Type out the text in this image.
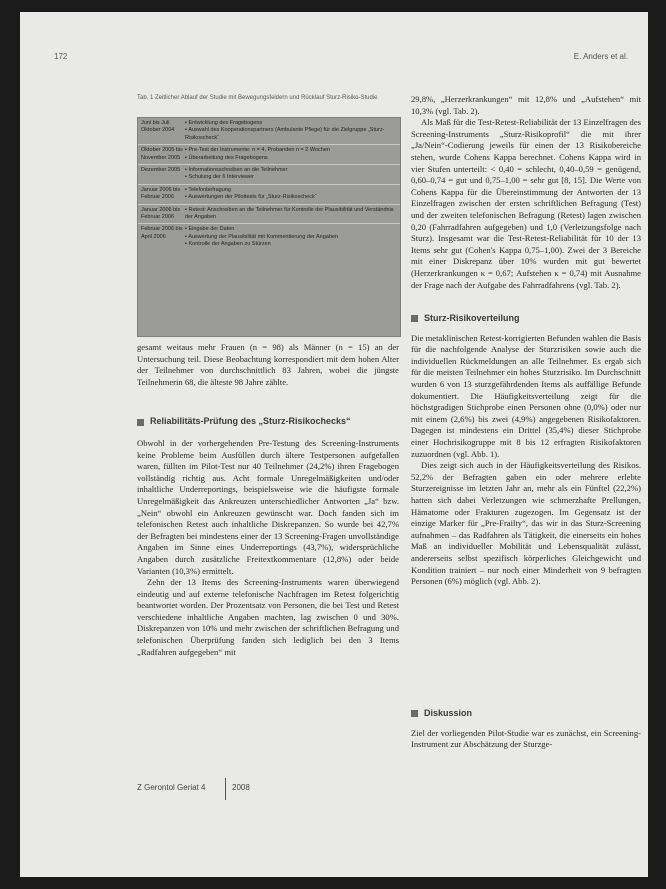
172	E. Anders et al.
Tab. 1 Zeitlicher Ablauf der Studie mit Bewegungsfeldern und Rücklauf Sturz-Risiko-Studie
Juni bis Juli Oktober 2004
▪ Entwicklung des Fragebogens
▪ Auswahl des Kooperationspartners (Ambulante Pflege) für die Zielgruppe „Sturz-Risikoscheck“
Oktober 2005 bis November 2005
▪ Pre-Test der Instrumente: n = 4, Probanden n = 2 Wochen
▪ Überarbeitung des Fragebogens
Dezember 2005
▪	Informationsschreiben an die Teilnehmer
▪ Schulung der 6 Interviewer
Januar 2006 bis Februar 2006
▪ Telefonbefragung
▪ Auswertungen der Pilottests für „Sturz-Risikoscheck“
Januar 2006 bis Februar 2006
▪ Retest: Anschreiben an die Teilnehmer für Kontrolle der Plausibilität und Verständnis der Angaben
Februar 2006 bis April 2006
▪ Eingabe der Daten
▪ Auswertung der Plausibilität mit Kommentierung der Angaben
▪ Kontrolle der Angaben zu Stürzen

gesamt weitaus mehr Frauen (n = 98) als Männer (n = 15) an der Untersuchung teil. Diese Beobachtung korrespondiert mit dem hohen Alter der Teilnehmer von durchschnittlich 83 Jahren, wobei die jüngste Teilnehmerin 68, die älteste 98 Jahre zählte.

Reliabilitäts-Prüfung des „Sturz-Risikochecks“

Obwohl in der vorhergehenden Pre-Testung des Screening-Instruments keine Probleme beim Ausfüllen durch ältere Testpersonen aufgefallen waren, füllten im Pilot-Test nur 40 Teilnehmer (24,2%) ihren Fragebogen vollständig richtig aus. Acht formale Unregelmäßigkeiten und/oder inhaltliche Underreportings, beispielsweise wie die häufigste formale Unregelmäßigkeit das Ankreuzen unterschiedlicher Antworten „Ja“ bzw. „Nein“ obwohl ein Ankreuzen gewünscht war. Doch fanden sich im telefonischen Retest auch inhaltliche Diskrepanzen. So wurde bei 42,7% der Befragten bei mindestens einer der 13 Screening-Fragen unvollständige Angaben im Sinne eines Underreportings (43,7%), widersprüchliche Angaben durch zusätzliche Freitextkommentare (12,8%) oder beide Varianten (10,3%) ermittelt.

Zehn der 13 Items des Screening-Instruments waren überwiegend eindeutig und auf externe telefonische Nachfragen im Retest folgerichtig beantwortet worden. Der Prozentsatz von Personen, die bei Test und Retest verschiedene inhaltliche Angaben machten, lag zwischen 0 und 30%. Diskrepanzen von 10% und mehr zwischen der schriftlichen Befragung und telefonischen Überprüfung fanden sich lediglich bei den 3 Items „Radfahren aufgegeben“ mit

29,8%, „Herzerkrankungen“ mit 12,8% und „Aufstehen“ mit 10,3% (vgl. Tab. 2).

Als Maß für die Test-Retest-Reliabilität der 13 Einzelfragen des Screening-Instruments „Sturz-Risikoprofil“ die mit ihrer „Ja/Nein“-Codierung jeweils für einen der 13 Risikobereiche stehen, wurde Cohens Kappa berechnet. Cohens Kappa wird in vier Stufen unterteilt: < 0,40 = schlecht, 0,40–0,59 = genügend, 0,60–0,74 = gut und 0,75–1,00 = sehr gut [8, 15]. Die Werte von Cohens Kappa für die Übereinstimmung der Antworten der 13 Einzelfragen zwischen der ersten schriftlichen Befragung (Test) und der zweiten telefonischen Befragung (Retest) lagen zwischen 0,20 (Fahrradfahren aufgegeben) und 1,0 (Verletzungsfolge nach Sturz). Insgesamt war die Test-Retest-Reliabilität für 10 der 13 Items sehr gut (Cohen's Kappa 0,75–1,00). Zwei der 3 Bereiche mit einer Diskrepanz über 10% wurden mit gut bewertet (Herzerkrankungen κ = 0,67; Aufstehen κ = 0,74) mit Ausnahme der Frage nach der Aufgabe des Fahrradfahrens (vgl. Tab. 2).

Sturz-Risikoverteilung

Die metaklinischen Retest-korrigierten Befunden wahlen die Basis für die nachfolgende Analyse der Sturzrisiken sowie auch die individuellen Rückmeldungen an alle Teilnehmer. Es ergab sich für die meisten Teilnehmer ein hohes Sturzrisiko. Im Durchschnitt wurden 6 von 13 sturzgefährdenden Items als auffällige Befunde dokumentiert. Die Häufigkeitsverteilung zeigt für die höchstgradigen Stichprobe einen Personen ohne (0,0%) oder nur mit einem (2,6%) bis zwei (4,9%) angegebenen Risikofaktoren. Dagegen ist mindestens ein Drittel (35,4%) dieser Stichprobe einer Hochrisikogruppe mit 8 bis 12 erfragten Risikofaktoren zuzuordnen (vgl. Abb. 1).

Dies zeigt sich auch in der Häufigkeitsverteilung des Risikos. 52,2% der Befragten gaben ein oder mehrere erlebte Sturzereignisse im letzten Jahr an, mehr als ein Fünftel (22,2%) hatten sich dabei Verletzungen wie schmerzhafte Prellungen, Hämatome oder Frakturen zugezogen. Im Gegensatz ist der einzige Marker für „Pre-Frailty“, das wir in das Sturz-Screening aufnahmen – das Radfahren als Tätigkeit, die einerseits ein hohes Maß an individueller Mobilität und Lebensqualität zulässt, andererseits selbst spezifisch körperliches Gleichgewicht und Kondition trainiert – nur noch einer Minderheit von 9 befragten Personen (6%) möglich (vgl. Abb. 2).

Diskussion

Ziel der vorliegenden Pilot-Studie war es zunächst, ein Screening-Instrument zur Abschätzung der Sturzge-

Z Gerontol Geriat 4	2008
